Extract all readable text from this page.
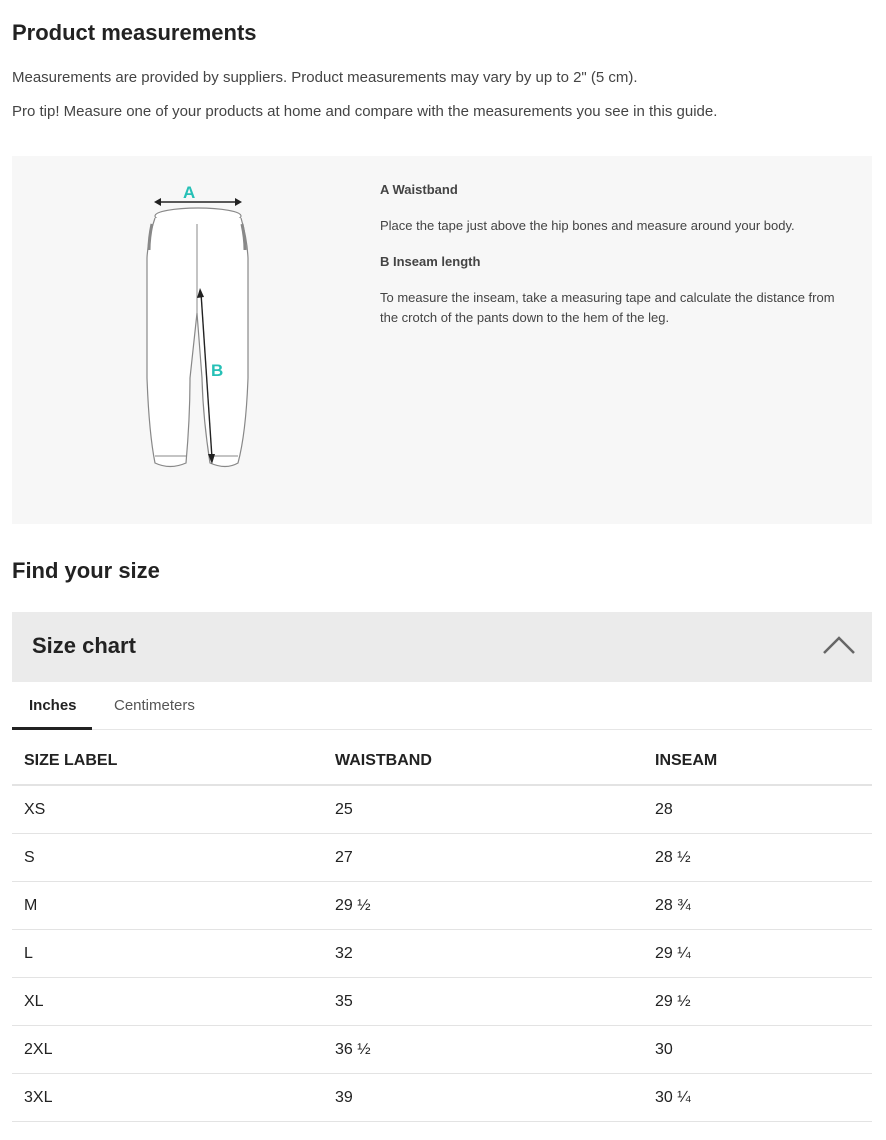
Product measurements
Measurements are provided by suppliers. Product measurements may vary by up to 2" (5 cm).
Pro tip! Measure one of your products at home and compare with the measurements you see in this guide.
A
B
A Waistband
Place the tape just above the hip bones and measure around your body.
B Inseam length
To measure the inseam, take a measuring tape and calculate the distance from the crotch of the pants down to the hem of the leg.
Find your size
Size chart
Inches Centimeters
SIZE LABEL	WAISTBAND	INSEAM
XS	25	28
S	27	28 ½
M	29 ½	28 ¾
L	32	29 ¼
XL	35	29 ½
2XL	36 ½	30
3XL	39	30 ¼
